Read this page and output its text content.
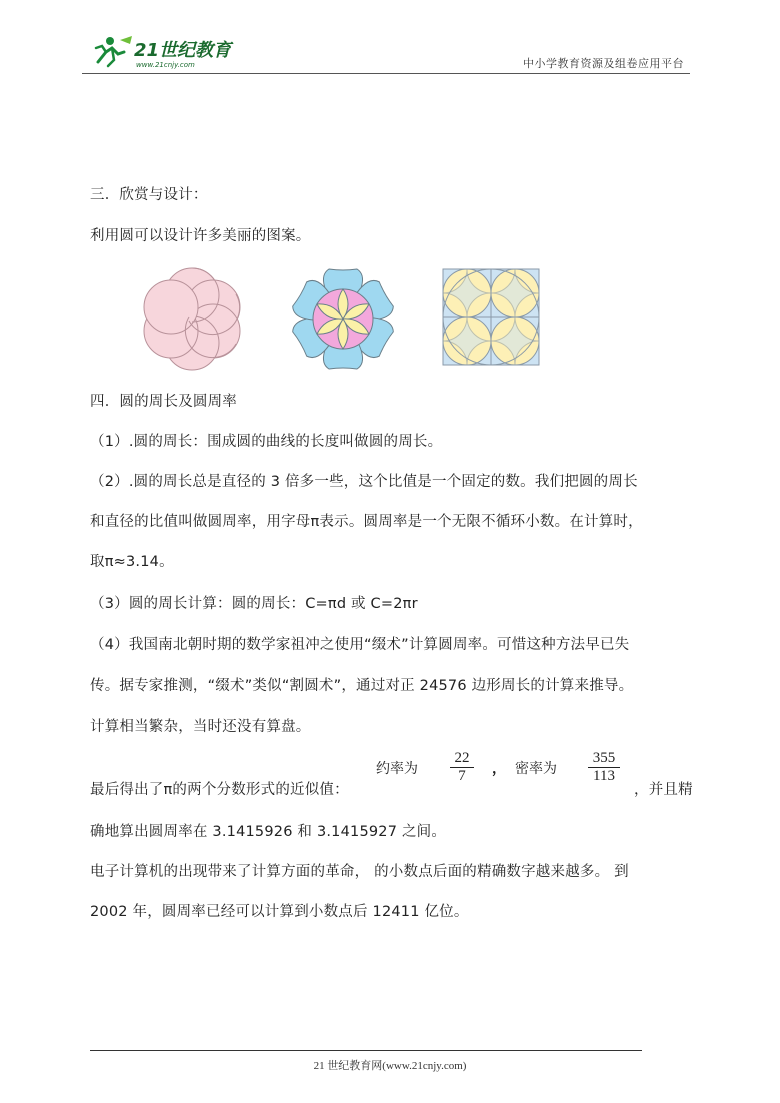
21世纪教育
www.21cnjy.com	中小学教育资源及组卷应用平台
三．欣赏与设计：
利用圆可以设计许多美丽的图案。
四．圆的周长及圆周率
（1）.圆的周长：围成圆的曲线的长度叫做圆的周长。
（2）.圆的周长总是直径的 3 倍多一些，这个比值是一个固定的数。我们把圆的周长
和直径的比值叫做圆周率，用字母π表示。圆周率是一个无限不循环小数。在计算时，
取π≈3.14。
（3）圆的周长计算：圆的周长：C=πd 或 C=2πr
（4）我国南北朝时期的数学家祖冲之使用“缀术”计算圆周率。可惜这种方法早已失
传。据专家推测，“缀术”类似“割圆术”，通过对正 24576 边形周长的计算来推导。
计算相当繁杂，当时还没有算盘。
最后得出了π的两个分数形式的近似值：	，并且精
确地算出圆周率在 3.1415926 和 3.1415927 之间。
电子计算机的出现带来了计算方面的革命， 的小数点后面的精确数字越来越多。 到
2002 年，圆周率已经可以计算到小数点后 12411 亿位。
约率为 $\frac{22}{7}$ ， 密率为 $\frac{355}{113}$
21 世纪教育网(www.21cnjy.com)
